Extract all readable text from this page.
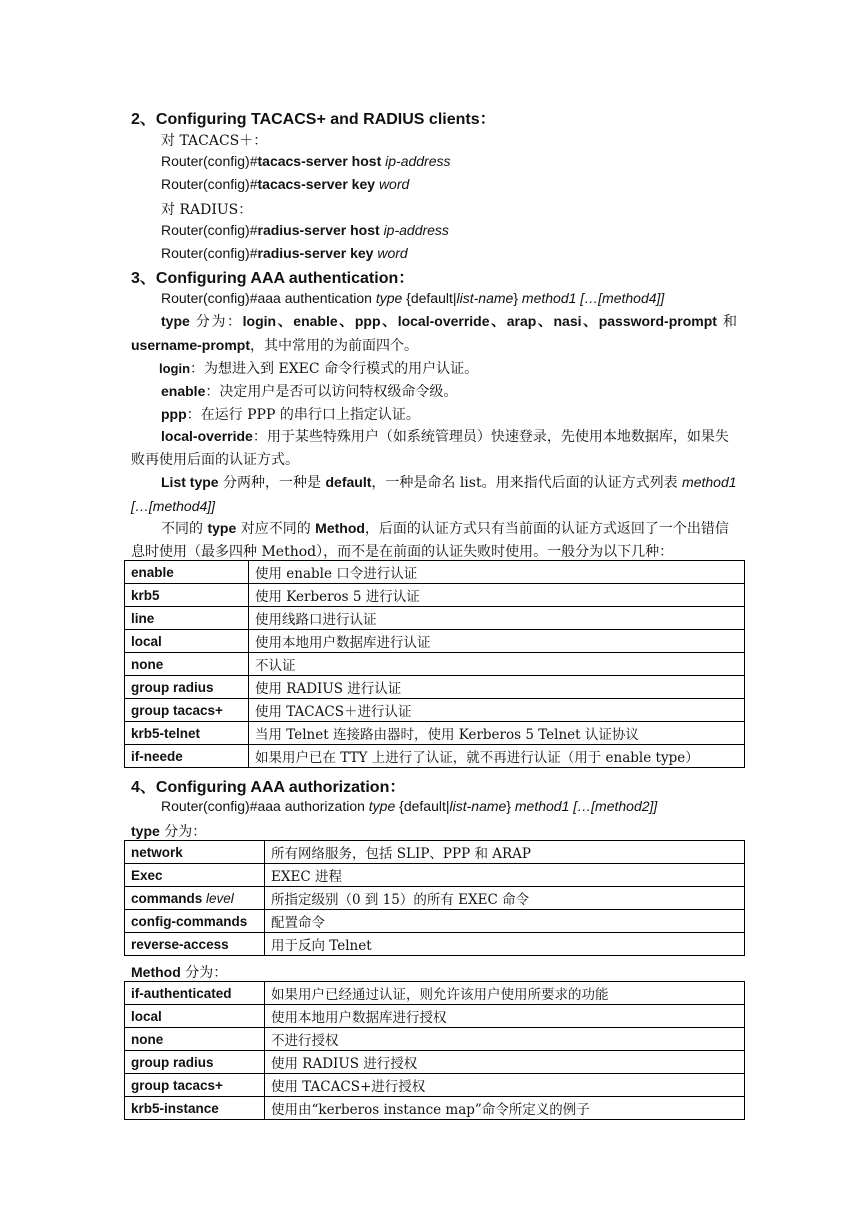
2、Configuring TACACS+ and RADIUS clients：
对 TACACS＋：
Router(config)#tacacs-server host ip-address
Router(config)#tacacs-server key word
对 RADIUS：
Router(config)#radius-server host ip-address
Router(config)#radius-server key word
3、Configuring AAA authentication：
Router(config)#aaa authentication type {default|list-name} method1 […[method4]]
type 分为：login、enable、ppp、local-override、arap、nasi、password-prompt 和 username-prompt，其中常用的为前面四个。
login：为想进入到 EXEC 命令行模式的用户认证。
enable：决定用户是否可以访问特权级命令级。
ppp：在运行 PPP 的串行口上指定认证。
local-override：用于某些特殊用户（如系统管理员）快速登录，先使用本地数据库，如果失败再使用后面的认证方式。
List type 分两种，一种是 default，一种是命名 list。用来指代后面的认证方式列表 method1 […[method4]]
不同的 type 对应不同的 Method，后面的认证方式只有当前面的认证方式返回了一个出错信息时使用（最多四种 Method），而不是在前面的认证失败时使用。一般分为以下几种：
enable	使用 enable 口令进行认证
krb5	使用 Kerberos 5 进行认证
line	使用线路口进行认证
local	使用本地用户数据库进行认证
none	不认证
group radius	使用 RADIUS 进行认证
group tacacs+	使用 TACACS＋进行认证
krb5-telnet	当用 Telnet 连接路由器时，使用 Kerberos 5 Telnet 认证协议
if-neede	如果用户已在 TTY 上进行了认证，就不再进行认证（用于 enable type）
4、Configuring AAA authorization：
Router(config)#aaa authorization type {default|list-name} method1 […[method2]]
type 分为：
network	所有网络服务，包括 SLIP、PPP 和 ARAP
Exec	EXEC 进程
commands level	所指定级别（0 到 15）的所有 EXEC 命令
config-commands	配置命令
reverse-access	用于反向 Telnet
Method 分为：
if-authenticated	如果用户已经通过认证，则允许该用户使用所要求的功能
local	使用本地用户数据库进行授权
none	不进行授权
group radius	使用 RADIUS 进行授权
group tacacs+	使用 TACACS+进行授权
krb5-instance	使用由“kerberos instance map”命令所定义的例子
